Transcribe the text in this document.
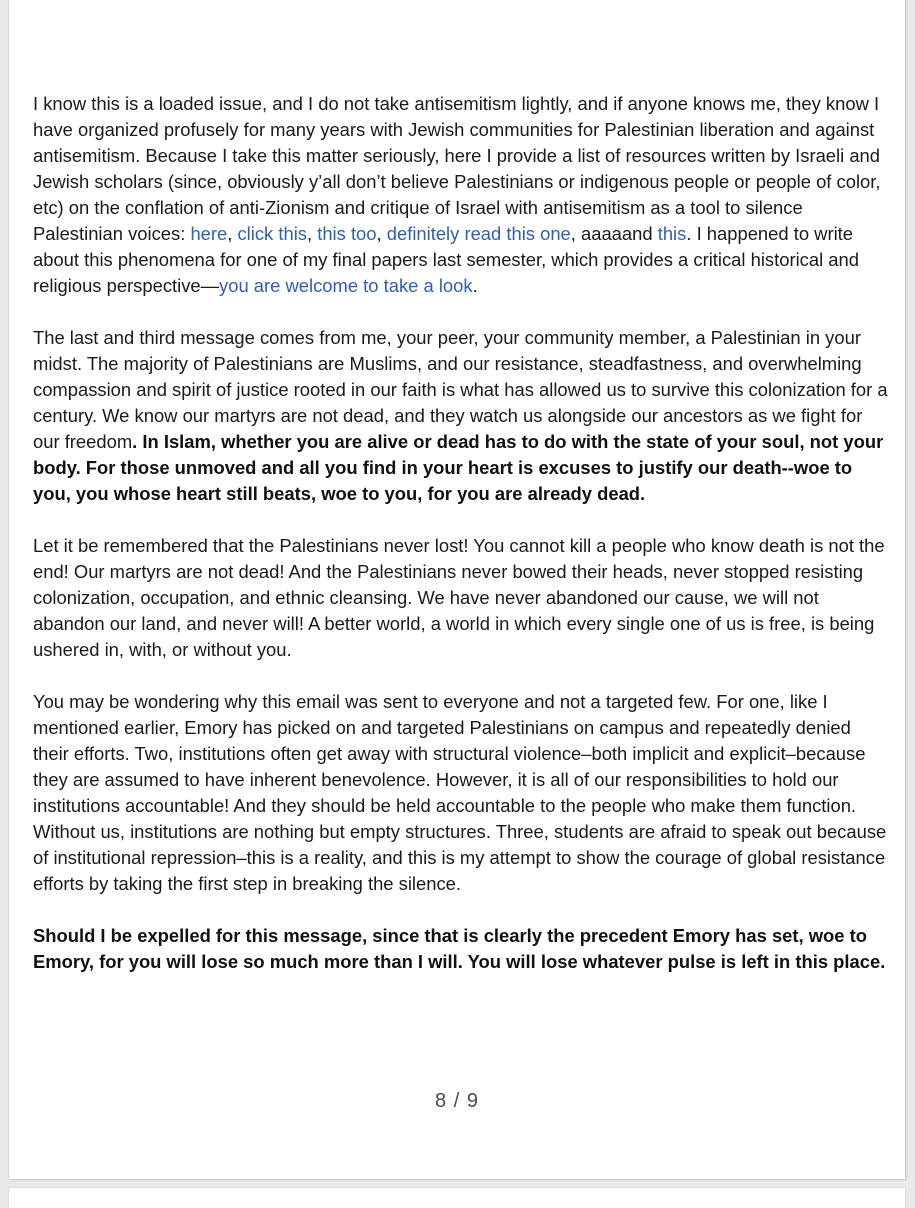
I know this is a loaded issue, and I do not take antisemitism lightly, and if anyone knows me, they know I have organized profusely for many years with Jewish communities for Palestinian liberation and against antisemitism. Because I take this matter seriously, here I provide a list of resources written by Israeli and Jewish scholars (since, obviously y’all don’t believe Palestinians or indigenous people or people of color, etc) on the conflation of anti-Zionism and critique of Israel with antisemitism as a tool to silence Palestinian voices: here, click this, this too, definitely read this one, aaaaand this. I happened to write about this phenomena for one of my final papers last semester, which provides a critical historical and religious perspective—you are welcome to take a look.

The last and third message comes from me, your peer, your community member, a Palestinian in your midst. The majority of Palestinians are Muslims, and our resistance, steadfastness, and overwhelming compassion and spirit of justice rooted in our faith is what has allowed us to survive this colonization for a century. We know our martyrs are not dead, and they watch us alongside our ancestors as we fight for our freedom. In Islam, whether you are alive or dead has to do with the state of your soul, not your body. For those unmoved and all you find in your heart is excuses to justify our death--woe to you, you whose heart still beats, woe to you, for you are already dead.

Let it be remembered that the Palestinians never lost! You cannot kill a people who know death is not the end! Our martyrs are not dead! And the Palestinians never bowed their heads, never stopped resisting colonization, occupation, and ethnic cleansing. We have never abandoned our cause, we will not abandon our land, and never will! A better world, a world in which every single one of us is free, is being ushered in, with, or without you.

You may be wondering why this email was sent to everyone and not a targeted few. For one, like I mentioned earlier, Emory has picked on and targeted Palestinians on campus and repeatedly denied their efforts. Two, institutions often get away with structural violence–both implicit and explicit–because they are assumed to have inherent benevolence. However, it is all of our responsibilities to hold our institutions accountable! And they should be held accountable to the people who make them function. Without us, institutions are nothing but empty structures. Three, students are afraid to speak out because of institutional repression–this is a reality, and this is my attempt to show the courage of global resistance efforts by taking the first step in breaking the silence.

Should I be expelled for this message, since that is clearly the precedent Emory has set, woe to Emory, for you will lose so much more than I will. You will lose whatever pulse is left in this place.

8 / 9
